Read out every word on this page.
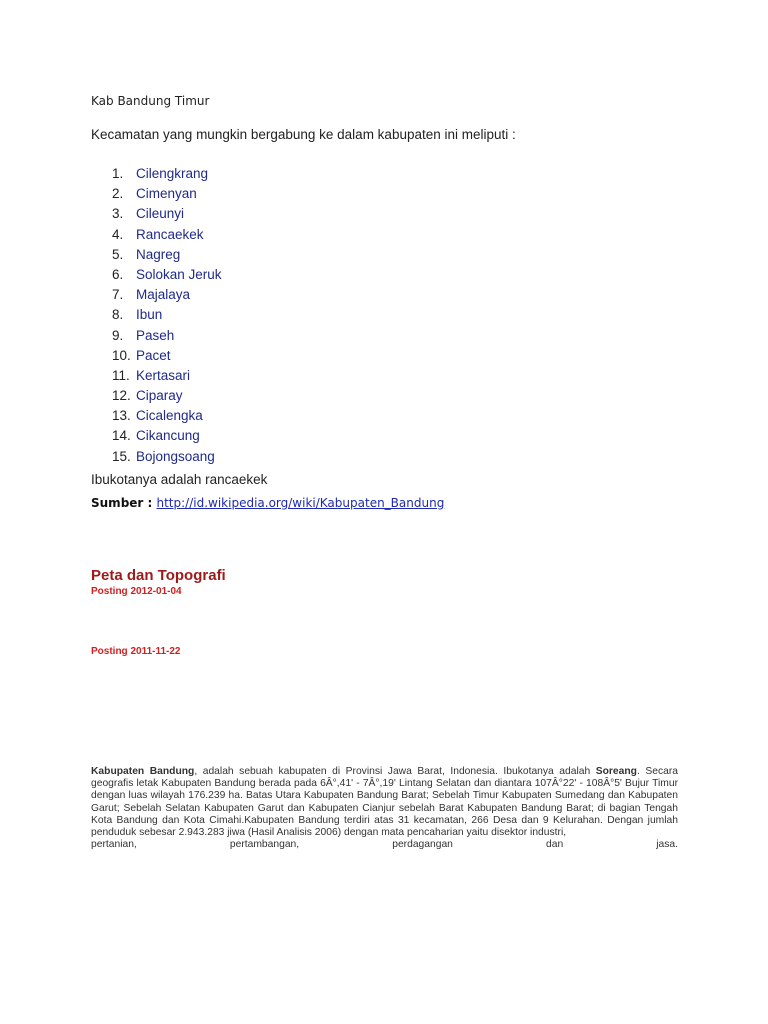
Kab Bandung Timur
Kecamatan yang mungkin bergabung ke dalam kabupaten ini meliputi :
1. Cilengkrang
2. Cimenyan
3. Cileunyi
4. Rancaekek
5. Nagreg
6. Solokan Jeruk
7. Majalaya
8. Ibun
9. Paseh
10. Pacet
11. Kertasari
12. Ciparay
13. Cicalengka
14. Cikancung
15. Bojongsoang
Ibukotanya adalah rancaekek
Sumber : http://id.wikipedia.org/wiki/Kabupaten_Bandung
Peta dan Topografi
Posting 2012-01-04
Posting 2011-11-22
Kabupaten Bandung, adalah sebuah kabupaten di Provinsi Jawa Barat, Indonesia. Ibukotanya adalah Soreang. Secara geografis letak Kabupaten Bandung berada pada 6Â°,41' - 7Â°,19' Lintang Selatan dan diantara 107Â°22' - 108Â°5' Bujur Timur dengan luas wilayah 176.239 ha. Batas Utara Kabupaten Bandung Barat; Sebelah Timur Kabupaten Sumedang dan Kabupaten Garut; Sebelah Selatan Kabupaten Garut dan Kabupaten Cianjur sebelah Barat Kabupaten Bandung Barat; di bagian Tengah Kota Bandung dan Kota Cimahi.Kabupaten Bandung terdiri atas 31 kecamatan, 266 Desa dan 9 Kelurahan. Dengan jumlah penduduk sebesar 2.943.283 jiwa (Hasil Analisis 2006) dengan mata pencaharian yaitu disektor industri,
pertanian, pertambangan, perdagangan dan jasa.
